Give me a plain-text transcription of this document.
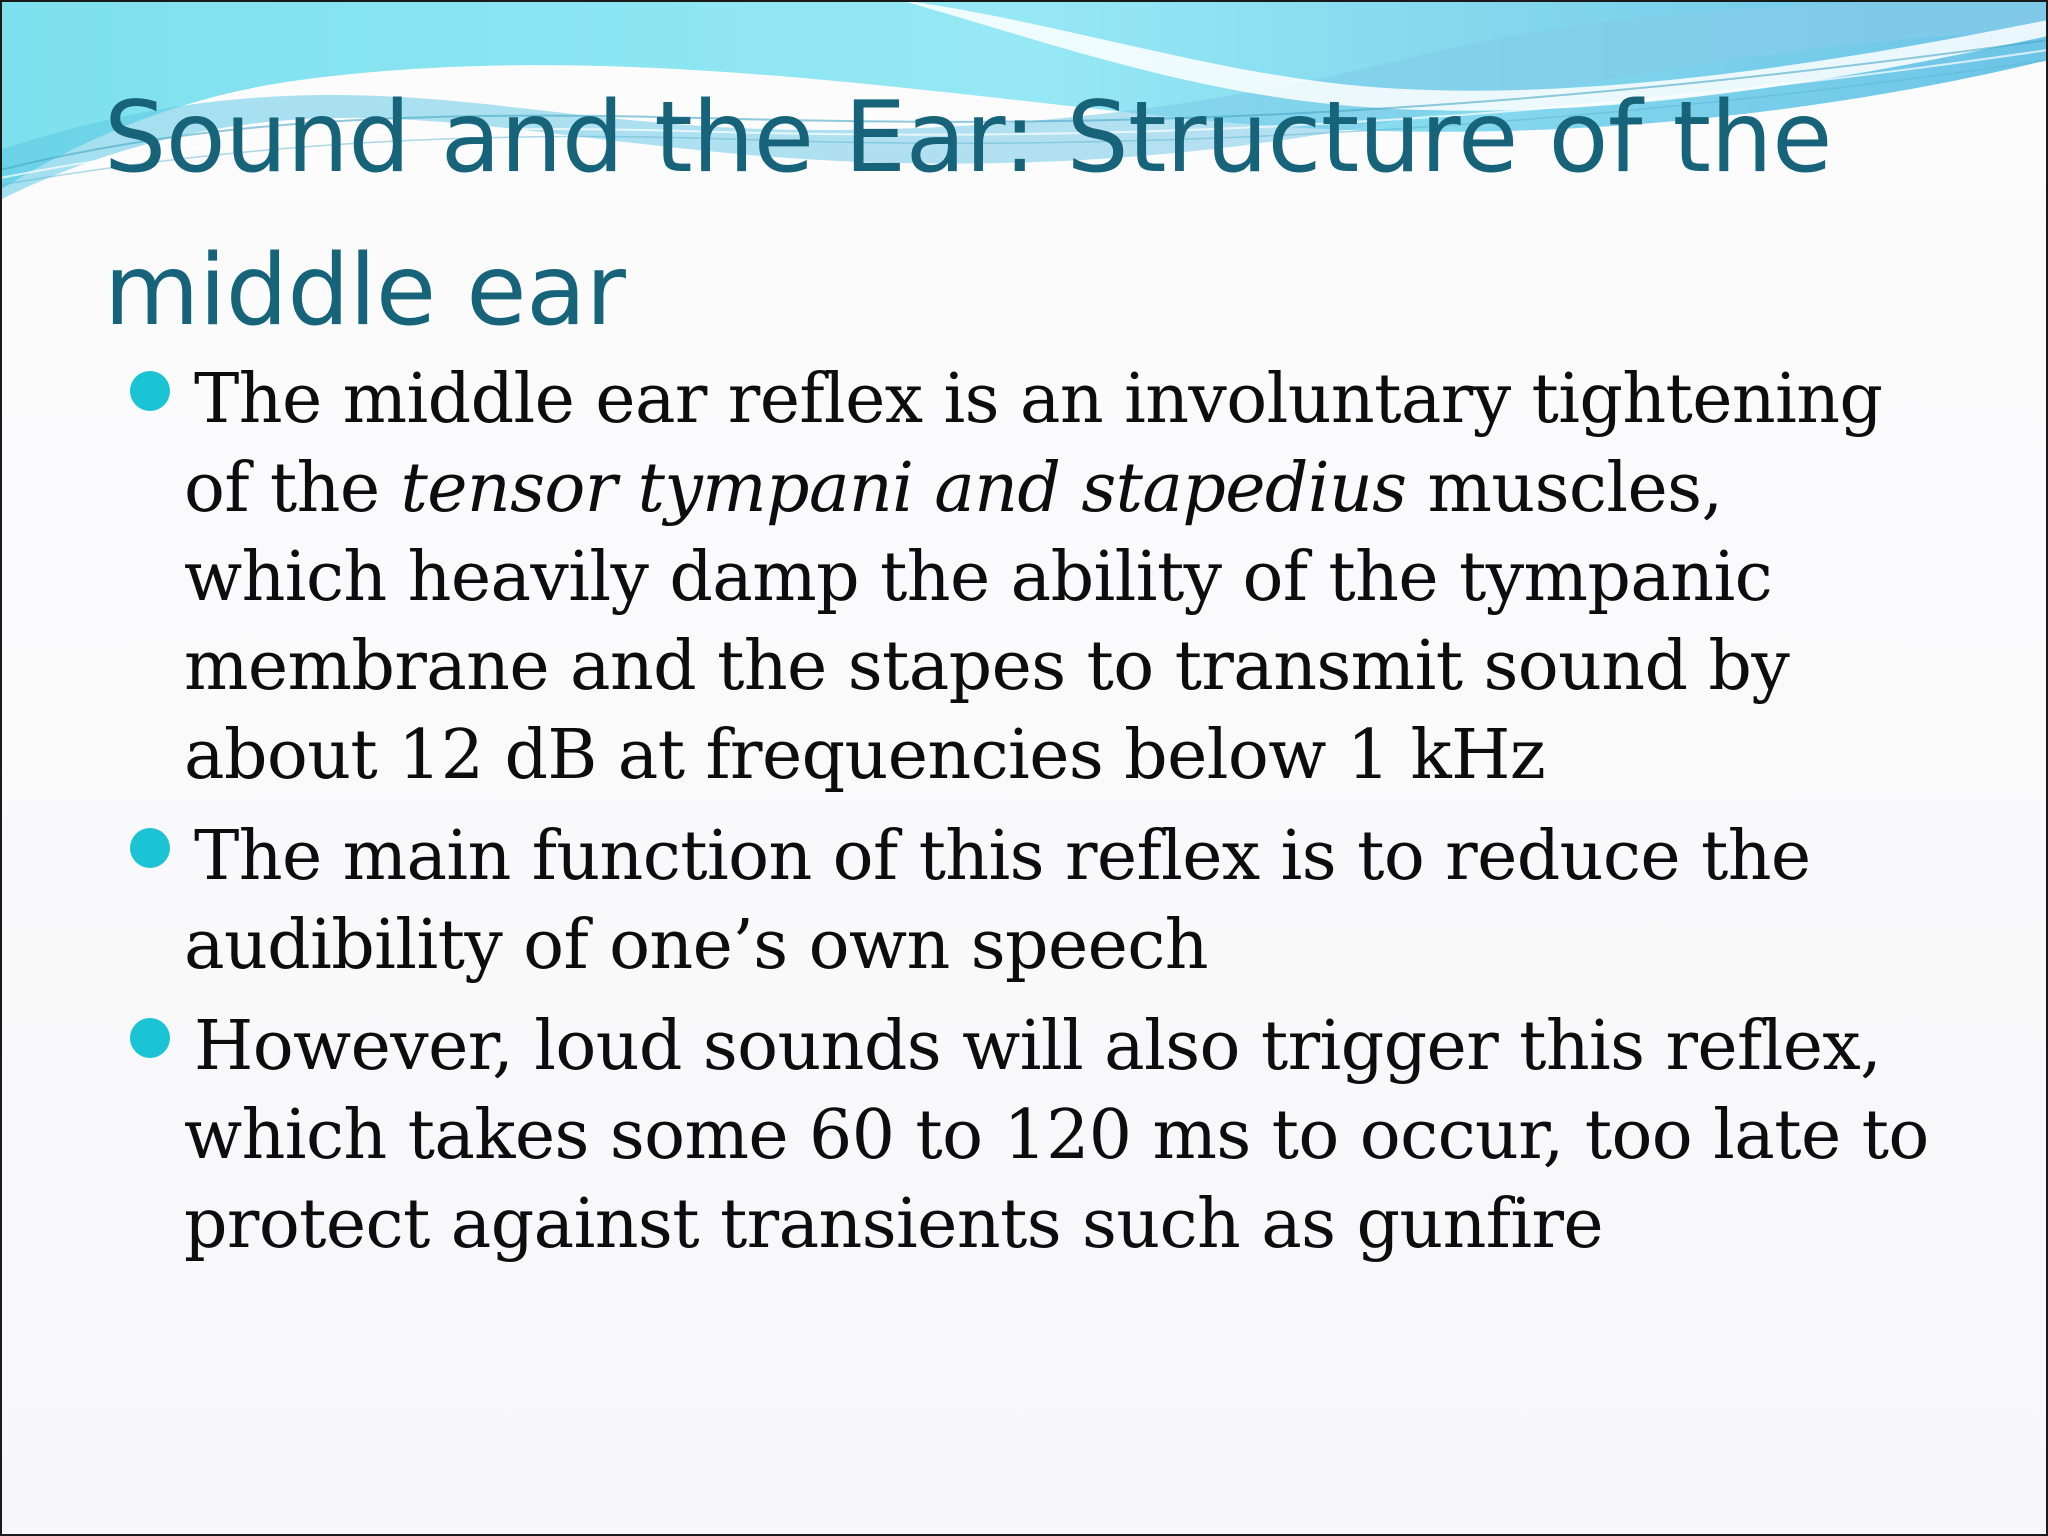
Sound and the Ear: Structure of the middle ear
The middle ear reflex is an involuntary tightening of the tensor tympani and stapedius muscles, which heavily damp the ability of the tympanic membrane and the stapes to transmit sound by about 12 dB at frequencies below 1 kHz
The main function of this reflex is to reduce the audibility of one’s own speech
However, loud sounds will also trigger this reflex, which takes some 60 to 120 ms to occur, too late to protect against transients such as gunfire
